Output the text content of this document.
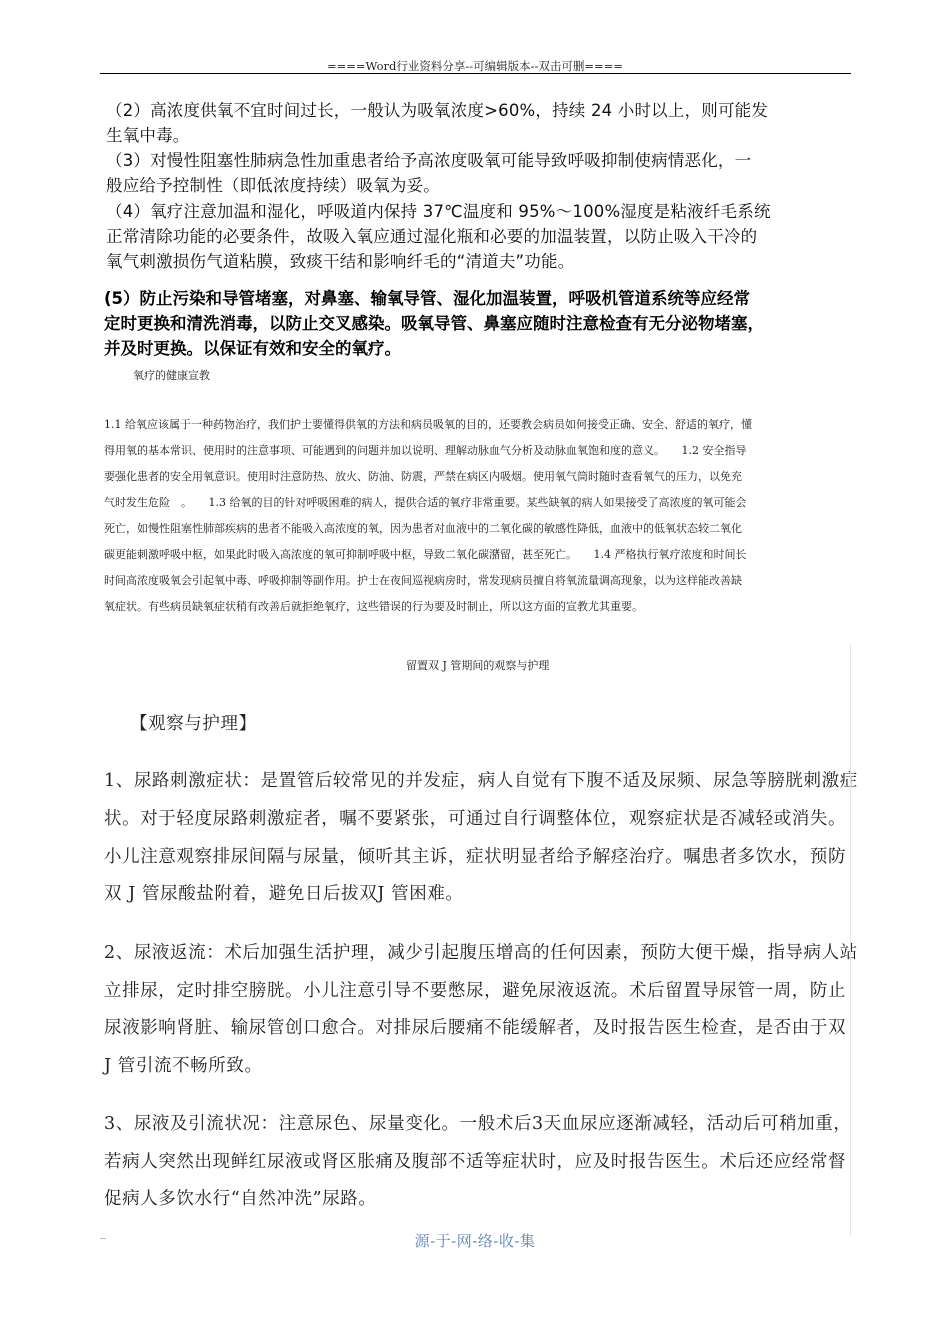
====Word行业资料分享--可编辑版本--双击可删====
（2）高浓度供氧不宜时间过长，一般认为吸氧浓度>60%，持续 24 小时以上，则可能发
生氧中毒。
（3）对慢性阻塞性肺病急性加重患者给予高浓度吸氧可能导致呼吸抑制使病情恶化，一
般应给予控制性（即低浓度持续）吸氧为妥。
（4）氧疗注意加温和湿化，呼吸道内保持 37℃温度和 95%～100%湿度是粘液纤毛系统
正常清除功能的必要条件，故吸入氧应通过湿化瓶和必要的加温装置，以防止吸入干冷的
氧气刺激损伤气道粘膜，致痰干结和影响纤毛的“清道夫”功能。
(5）防止污染和导管堵塞，对鼻塞、输氧导管、湿化加温装置，呼吸机管道系统等应经常
定时更换和清洗消毒，以防止交叉感染。吸氧导管、鼻塞应随时注意检查有无分泌物堵塞，
并及时更换。以保证有效和安全的氧疗。
氧疗的健康宣教
1.1 给氧应该属于一种药物治疗，我们护士要懂得供氧的方法和病员吸氧的目的，还要教会病员如何接受正确、安全、舒适的氧疗，懂
得用氧的基本常识、使用时的注意事项、可能遇到的问题并加以说明、理解动脉血气分析及动脉血氧饱和度的意义。　　1.2 安全指导
要强化患者的安全用氧意识。使用时注意防热、放火、防油、防震，严禁在病区内吸烟。使用氧气筒时随时查看氧气的压力，以免充
气时发生危险　。　　1.3 给氧的目的针对呼吸困难的病人，提供合适的氧疗非常重要。某些缺氧的病人如果接受了高浓度的氧可能会
死亡，如慢性阻塞性肺部疾病的患者不能吸入高浓度的氧，因为患者对血液中的二氧化碳的敏感性降低，血液中的低氧状态较二氧化
碳更能刺激呼吸中枢，如果此时吸入高浓度的氧可抑制呼吸中枢，导致二氧化碳潴留，甚至死亡。　　1.4 严格执行氧疗浓度和时间长
时间高浓度吸氧会引起氧中毒、呼吸抑制等副作用。护士在夜间巡视病房时，常发现病员擅自将氧流量调高现象，以为这样能改善缺
氧症状。有些病员缺氧症状稍有改善后就拒绝氧疗，这些错误的行为要及时制止，所以这方面的宣教尤其重要。
留置双 J 管期间的观察与护理
【观察与护理】
1、尿路刺激症状：是置管后较常见的并发症，病人自觉有下腹不适及尿频、尿急等膀胱刺激症
状。对于轻度尿路刺激症者，嘱不要紧张，可通过自行调整体位，观察症状是否减轻或消失。
小儿注意观察排尿间隔与尿量，倾听其主诉，症状明显者给予解痉治疗。嘱患者多饮水，预防
双 J 管尿酸盐附着，避免日后拔双J 管困难。
2、尿液返流：术后加强生活护理，减少引起腹压增高的任何因素，预防大便干燥，指导病人站
立排尿，定时排空膀胱。小儿注意引导不要憋尿，避免尿液返流。术后留置导尿管一周，防止
尿液影响肾脏、输尿管创口愈合。对排尿后腰痛不能缓解者，及时报告医生检查，是否由于双
J 管引流不畅所致。
3、尿液及引流状况：注意尿色、尿量变化。一般术后3天血尿应逐渐减轻，活动后可稍加重，
若病人突然出现鲜红尿液或肾区胀痛及腹部不适等症状时，应及时报告医生。术后还应经常督
促病人多饮水行“自然冲洗”尿路。
源-于-网-络-收-集
